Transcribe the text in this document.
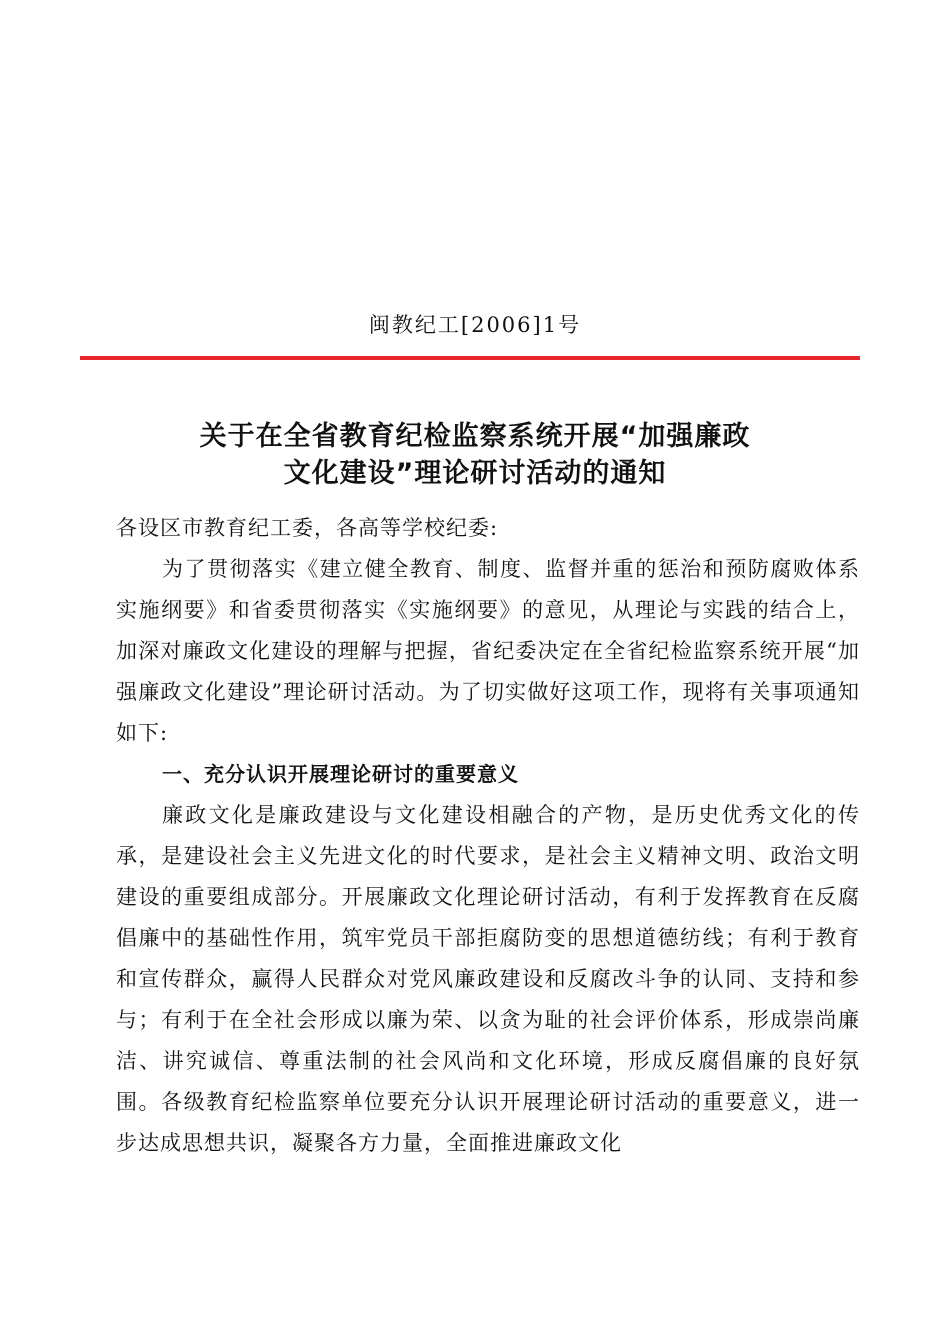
闽教纪工[2006]1号
关于在全省教育纪检监察系统开展“加强廉政
文化建设”理论研讨活动的通知

各设区市教育纪工委，各高等学校纪委:

为了贯彻落实《建立健全教育、制度、监督并重的惩治和预防腐败体系实施纲要》和省委贯彻落实《实施纲要》的意见，从理论与实践的结合上，加深对廉政文化建设的理解与把握，省纪委决定在全省纪检监察系统开展“加强廉政文化建设”理论研讨活动。为了切实做好这项工作，现将有关事项通知如下:

一、充分认识开展理论研讨的重要意义

廉政文化是廉政建设与文化建设相融合的产物，是历史优秀文化的传承，是建设社会主义先进文化的时代要求，是社会主义精神文明、政治文明建设的重要组成部分。开展廉政文化理论研讨活动，有利于发挥教育在反腐倡廉中的基础性作用，筑牢党员干部拒腐防变的思想道德纺线；有利于教育和宣传群众，赢得人民群众对党风廉政建设和反腐改斗争的认同、支持和参与；有利于在全社会形成以廉为荣、以贪为耻的社会评价体系，形成崇尚廉洁、讲究诚信、尊重法制的社会风尚和文化环境，形成反腐倡廉的良好氛围。各级教育纪检监察单位要充分认识开展理论研讨活动的重要意义，进一步达成思想共识，凝聚各方力量，全面推进廉政文化
